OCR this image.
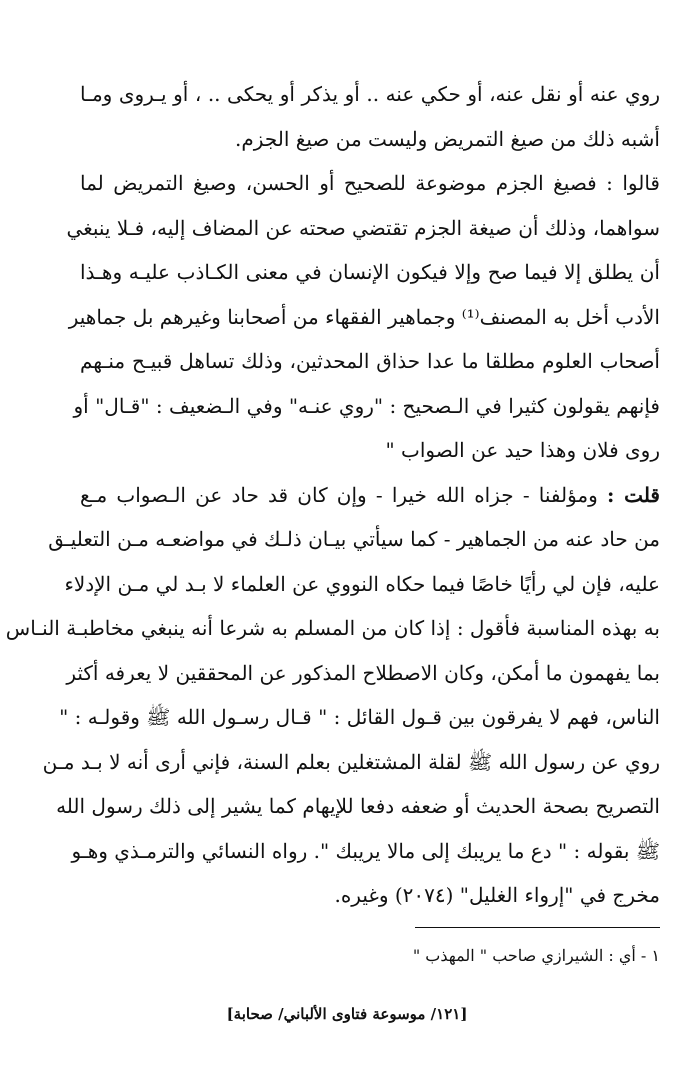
روي عنه أو نقل عنه، أو حكي عنه .. أو يذكر أو يحكى .. ، أو يـروى ومـا
أشبه ذلك من صيغ التمريض وليست من صيغ الجزم.
قالوا : فصيغ الجزم موضوعة للصحيح أو الحسن، وصيغ التمريض لما
سواهما، وذلك أن صيغة الجزم تقتضي صحته عن المضاف إليه، فـلا ينبغي
أن يطلق إلا فيما صح وإلا فيكون الإنسان في معنى الكـاذب عليـه وهـذا
الأدب أخل به المصنف⁽¹⁾ وجماهير الفقهاء من أصحابنا وغيرهم بل جماهير
أصحاب العلوم مطلقا ما عدا حذاق المحدثين، وذلك تساهل قبيـح منـهم
فإنهم يقولون كثيرا في الـصحيح : "روي عنـه" وفي الـضعيف : "قـال" أو
روى فلان وهذا حيد عن الصواب "
قلت : ومؤلفنا - جزاه الله خيرا - وإن كان قد حاد عن الـصواب مـع
من حاد عنه من الجماهير - كما سيأتي بيـان ذلـك في مواضعـه مـن التعليـق
عليه، فإن لي رأيًا خاصًا فيما حكاه النووي عن العلماء لا بـد لي مـن الإدلاء
به بهذه المناسبة فأقول : إذا كان من المسلم به شرعا أنه ينبغي مخاطبـة النـاس
بما يفهمون ما أمكن، وكان الاصطلاح المذكور عن المحققين لا يعرفه أكثر
الناس، فهم لا يفرقون بين قـول القائل : " قـال رسـول الله ﷺ وقولـه : "
روي عن رسول الله ﷺ لقلة المشتغلين بعلم السنة، فإني أرى أنه لا بـد مـن
التصريح بصحة الحديث أو ضعفه دفعا للإيهام كما يشير إلى ذلك رسول الله
ﷺ بقوله : " دع ما يريبك إلى مالا يريبك ". رواه النسائي والترمـذي وهـو
مخرج في "إرواء الغليل" (٢٠٧٤) وغيره.
١ - أي : الشيرازي صاحب " المهذب "
[١٢١/ موسوعة فتاوى الألباني/ صحابة]
